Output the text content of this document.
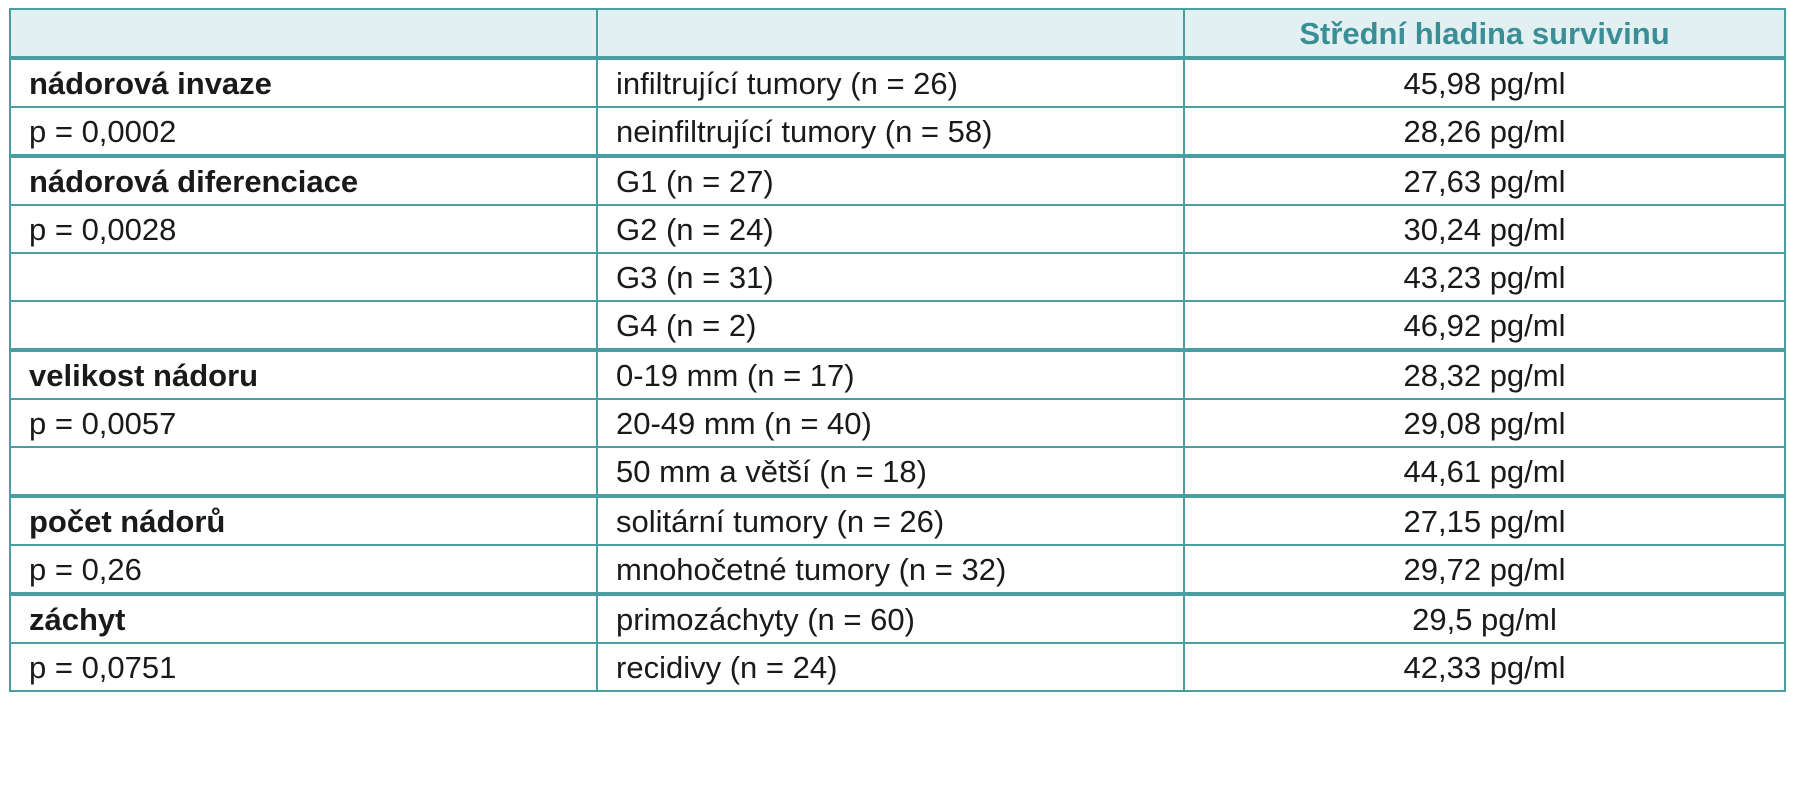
		Střední hladina survivinu
nádorová invaze	infiltrující tumory (n = 26)	45,98 pg/ml
p = 0,0002	neinfiltrující tumory (n = 58)	28,26 pg/ml
nádorová diferenciace	G1 (n = 27)	27,63 pg/ml
p = 0,0028	G2 (n = 24)	30,24 pg/ml
	G3 (n = 31)	43,23 pg/ml
	G4 (n = 2)	46,92 pg/ml
velikost nádoru	0-19 mm (n = 17)	28,32 pg/ml
p = 0,0057	20-49 mm (n = 40)	29,08 pg/ml
	50 mm a větší (n = 18)	44,61 pg/ml
počet nádorů	solitární tumory (n = 26)	27,15 pg/ml
p = 0,26	mnohočetné tumory (n = 32)	29,72 pg/ml
záchyt	primozáchyty (n = 60)	29,5 pg/ml
p = 0,0751	recidivy (n = 24)	42,33 pg/ml
